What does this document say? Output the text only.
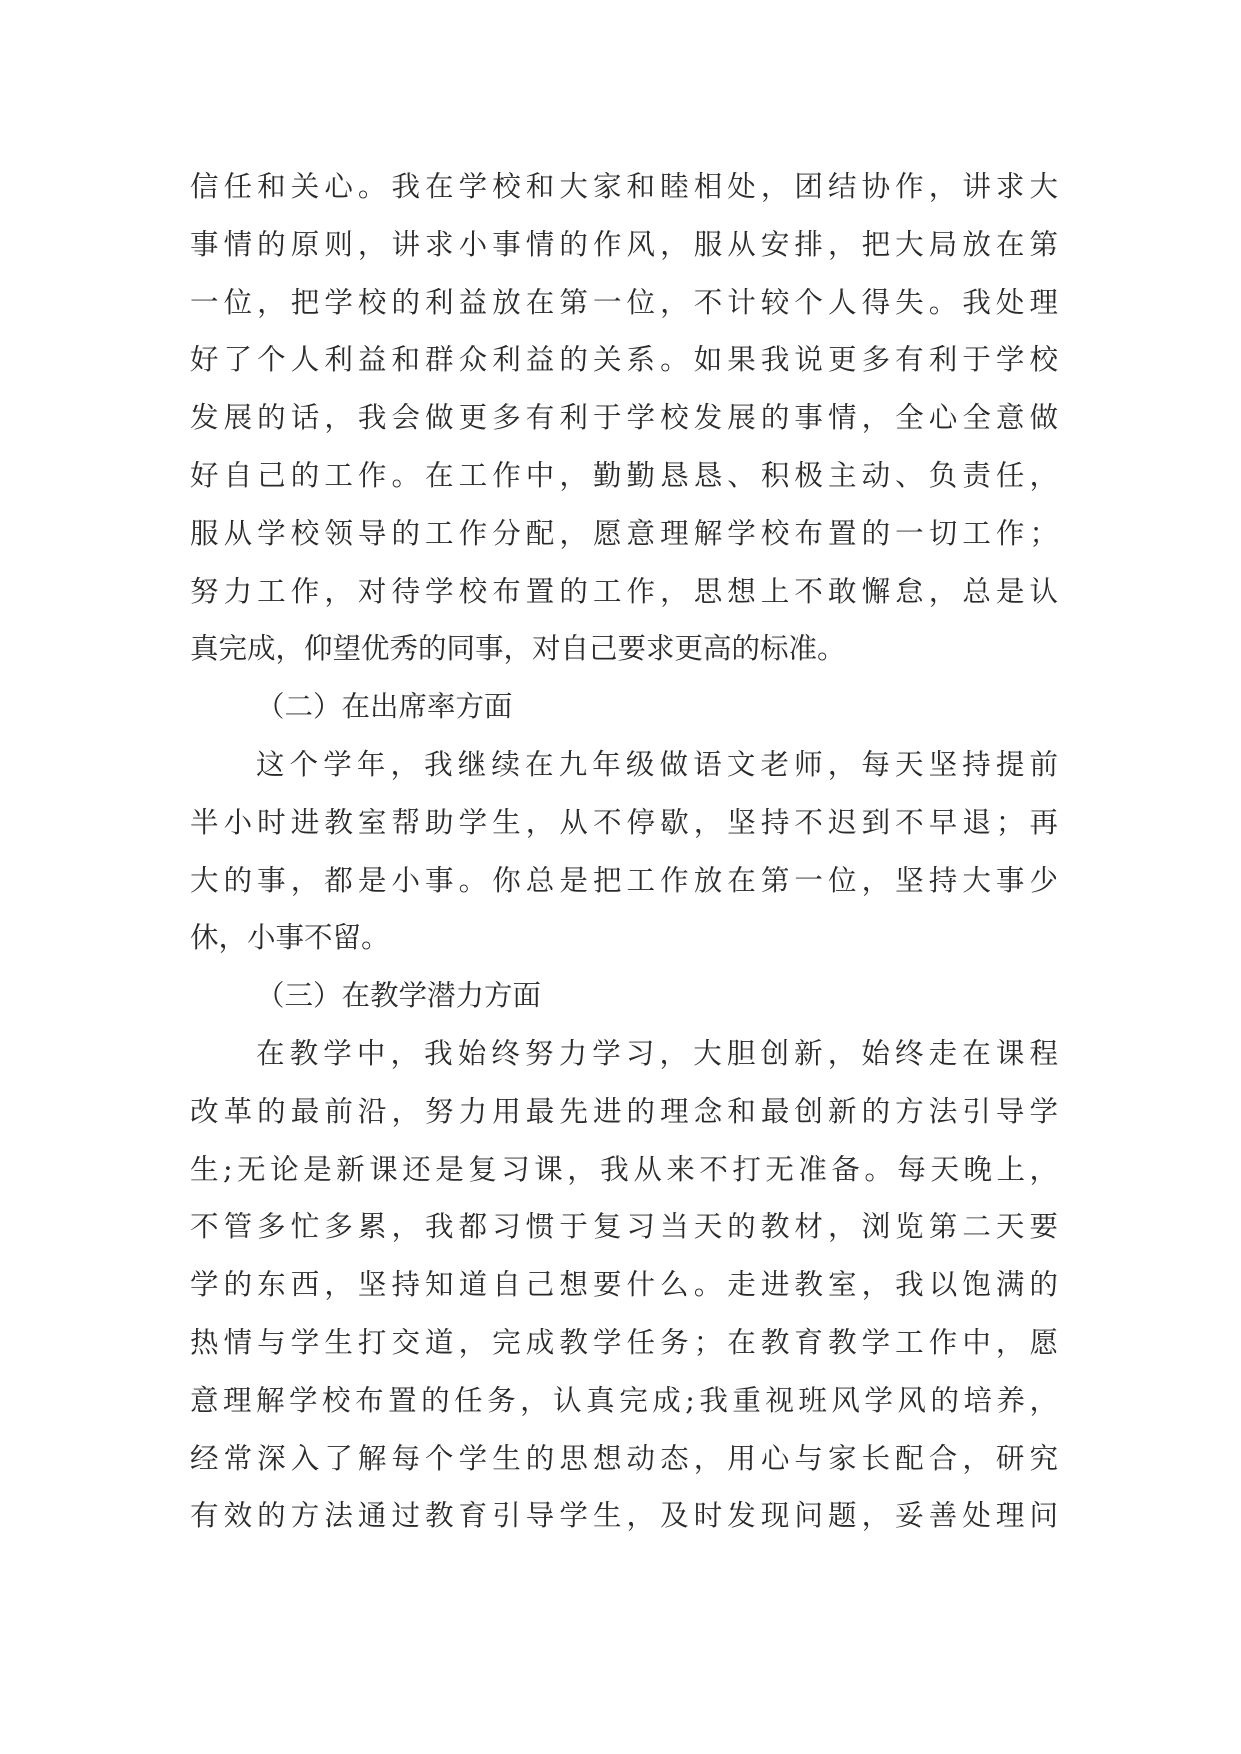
信任和关心。我在学校和大家和睦相处，团结协作，讲求大
事情的原则，讲求小事情的作风，服从安排，把大局放在第
一位，把学校的利益放在第一位，不计较个人得失。我处理
好了个人利益和群众利益的关系。如果我说更多有利于学校
发展的话，我会做更多有利于学校发展的事情，全心全意做
好自己的工作。在工作中，勤勤恳恳、积极主动、负责任，
服从学校领导的工作分配，愿意理解学校布置的一切工作；
努力工作，对待学校布置的工作，思想上不敢懈怠，总是认
真完成，仰望优秀的同事，对自己要求更高的标准。
（二）在出席率方面
这个学年，我继续在九年级做语文老师，每天坚持提前
半小时进教室帮助学生，从不停歇，坚持不迟到不早退；再
大的事，都是小事。你总是把工作放在第一位，坚持大事少
休，小事不留。
（三）在教学潜力方面
在教学中，我始终努力学习，大胆创新，始终走在课程
改革的最前沿，努力用最先进的理念和最创新的方法引导学
生;无论是新课还是复习课，我从来不打无准备。每天晚上，
不管多忙多累，我都习惯于复习当天的教材，浏览第二天要
学的东西，坚持知道自己想要什么。走进教室，我以饱满的
热情与学生打交道，完成教学任务；在教育教学工作中，愿
意理解学校布置的任务，认真完成;我重视班风学风的培养，
经常深入了解每个学生的思想动态，用心与家长配合，研究
有效的方法通过教育引导学生，及时发现问题，妥善处理问
